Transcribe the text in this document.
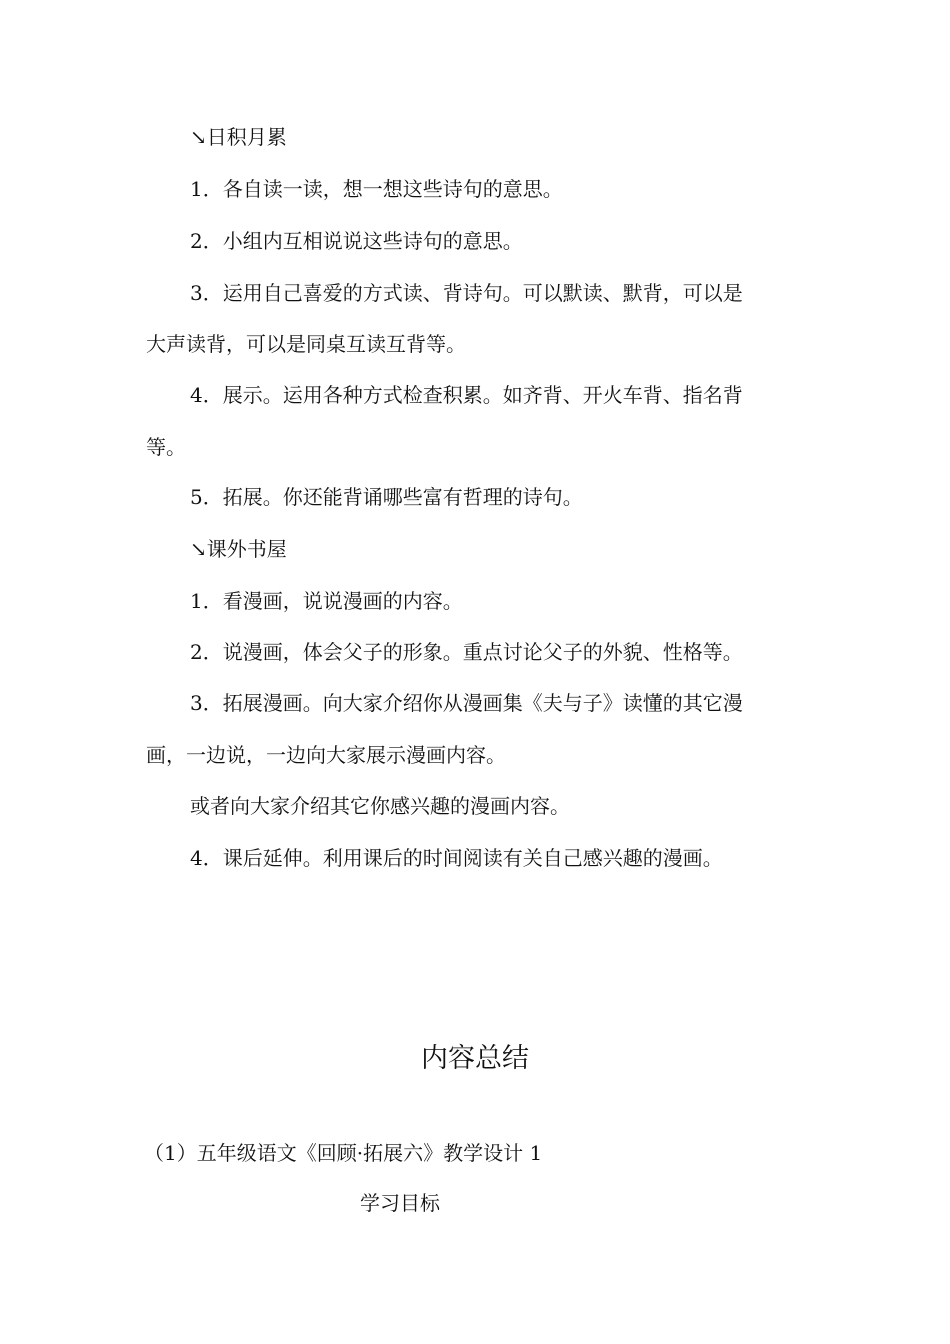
↘日积月累
1．各自读一读，想一想这些诗句的意思。
2．小组内互相说说这些诗句的意思。
3．运用自己喜爱的方式读、背诗句。可以默读、默背，可以是
大声读背，可以是同桌互读互背等。
4．展示。运用各种方式检查积累。如齐背、开火车背、指名背
等。
5．拓展。你还能背诵哪些富有哲理的诗句。
↘课外书屋
1．看漫画，说说漫画的内容。
2．说漫画，体会父子的形象。重点讨论父子的外貌、性格等。
3．拓展漫画。向大家介绍你从漫画集《夫与子》读懂的其它漫
画，一边说，一边向大家展示漫画内容。
或者向大家介绍其它你感兴趣的漫画内容。
4．课后延伸。利用课后的时间阅读有关自己感兴趣的漫画。
内容总结
（1）五年级语文《回顾·拓展六》教学设计 1
学习目标
